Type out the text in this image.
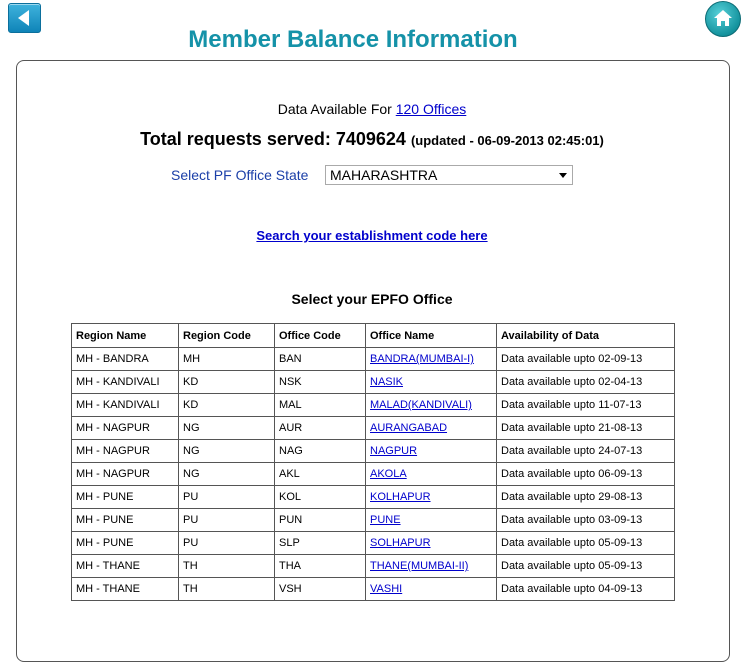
Member Balance Information
Data Available For 120 Offices
Total requests served: 7409624 (updated - 06-09-2013 02:45:01)
Select PF Office State	MAHARASHTRA
Search your establishment code here
Select your EPFO Office
Region Name	Region Code	Office Code	Office Name	Availability of Data
MH - BANDRA	MH	BAN	BANDRA(MUMBAI-I)	Data available upto 02-09-13
MH - KANDIVALI	KD	NSK	NASIK	Data available upto 02-04-13
MH - KANDIVALI	KD	MAL	MALAD(KANDIVALI)	Data available upto 11-07-13
MH - NAGPUR	NG	AUR	AURANGABAD	Data available upto 21-08-13
MH - NAGPUR	NG	NAG	NAGPUR	Data available upto 24-07-13
MH - NAGPUR	NG	AKL	AKOLA	Data available upto 06-09-13
MH - PUNE	PU	KOL	KOLHAPUR	Data available upto 29-08-13
MH - PUNE	PU	PUN	PUNE	Data available upto 03-09-13
MH - PUNE	PU	SLP	SOLHAPUR	Data available upto 05-09-13
MH - THANE	TH	THA	THANE(MUMBAI-II)	Data available upto 05-09-13
MH - THANE	TH	VSH	VASHI	Data available upto 04-09-13
